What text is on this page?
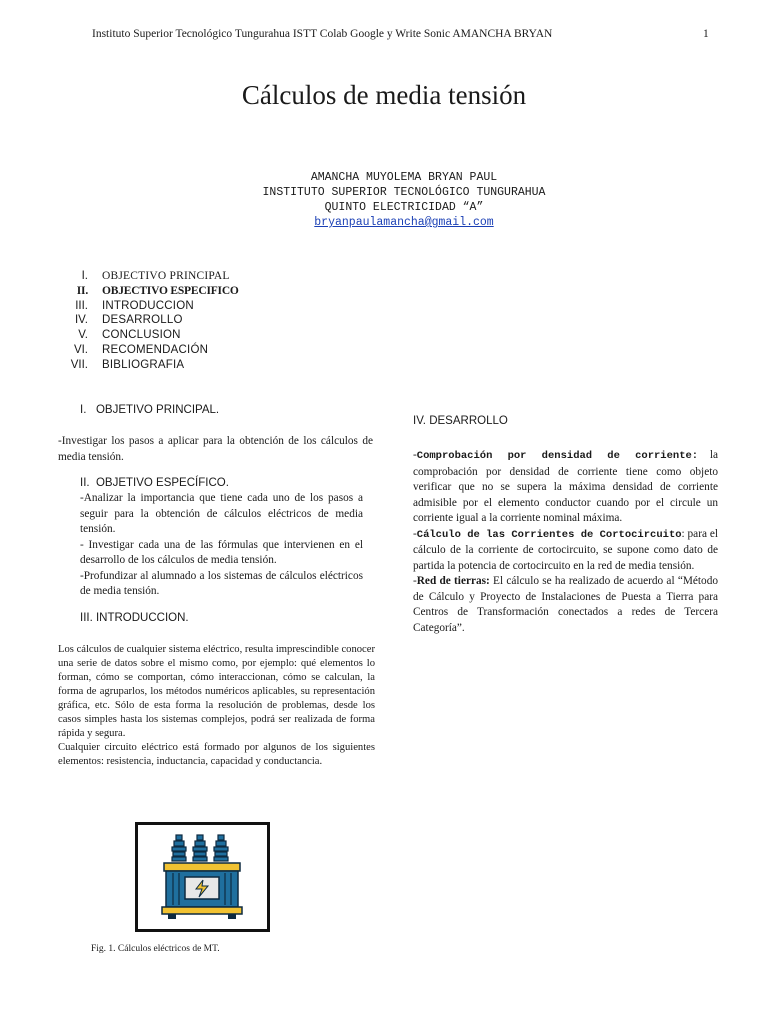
Instituto Superior Tecnológico Tungurahua ISTT Colab Google y Write Sonic AMANCHA BRYAN	1
Cálculos de media tensión
AMANCHA MUYOLEMA BRYAN PAUL
INSTITUTO SUPERIOR TECNOLÓGICO TUNGURAHUA
QUINTO ELECTRICIDAD “A”
bryanpaulamancha@gmail.com
I. OBJECTIVO PRINCIPAL
II. OBJECTIVO ESPECIFICO
III. INTRODUCCION
IV. DESARROLLO
V. CONCLUSION
VI. RECOMENDACIÓN
VII. BIBLIOGRAFIA
I.   OBJETIVO PRINCIPAL.
-Investigar los pasos a aplicar para la obtención de los cálculos de media tensión.
II.  OBJETIVO ESPECÍFICO.
-Analizar la importancia que tiene cada uno de los pasos a seguir para la obtención de cálculos eléctricos de media tensión.
- Investigar cada una de las fórmulas que intervienen en el desarrollo de los cálculos de media tensión.
-Profundizar al alumnado a los sistemas de cálculos eléctricos de media tensión.
III. INTRODUCCION.
Los cálculos de cualquier sistema eléctrico, resulta imprescindible conocer una serie de datos sobre el mismo como, por ejemplo: qué elementos lo forman, cómo se comportan, cómo interaccionan, cómo se calculan, la forma de agruparlos, los métodos numéricos aplicables, su representación gráfica, etc. Sólo de esta forma la resolución de problemas, desde los casos simples hasta los sistemas complejos, podrá ser realizada de forma rápida y segura.
Cualquier circuito eléctrico está formado por algunos de los siguientes elementos: resistencia, inductancia, capacidad y conductancia.
Fig. 1. Cálculos eléctricos de MT.
IV. DESARROLLO
-Comprobación por densidad de corriente: la comprobación por densidad de corriente tiene como objeto verificar que no se supera la máxima densidad de corriente admisible por el elemento conductor cuando por el circule un corriente igual a la corriente nominal máxima.
-Cálculo de las Corrientes de Cortocircuito: para el cálculo de la corriente de cortocircuito, se supone como dato de partida la potencia de cortocircuito en la red de media tensión.
-Red de tierras: El cálculo se ha realizado de acuerdo al “Método de Cálculo y Proyecto de Instalaciones de Puesta a Tierra para Centros de Transformación conectados a redes de Tercera Categoría”.
